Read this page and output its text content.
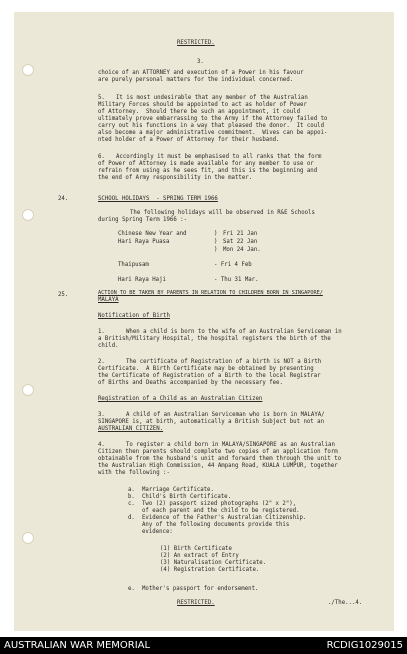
RESTRICTED.
3.
choice of an ATTORNEY and execution of a Power in his favour
are purely personal matters for the individual concerned.
5. It is most undesirable that any member of the Australian
Military Forces should be appointed to act as holder of Power
of Attorney.  Should there be such an appointment, it could
ultimately prove embarrassing to the Army if the Attorney failed to
carry out his functions in a way that pleased the donor.  It could
also become a major administrative commitment.  Wives can be appoi-
nted holder of a Power of Attorney for their husband.
6. Accordingly it must be emphasised to all ranks that the form
of Power of Attorney is made available for any member to use or
refrain from using as he sees fit, and this is the beginning and
the end of Army responsibility in the matter.
24.	SCHOOL HOLIDAYS  - SPRING TERM 1966
The following holidays will be observed in R&E Schools
during Spring Term 1966 :-
Chinese New Year and	) Fri 21 Jan
Hari Raya Puasa	) Sat 22 Jan
) Mon 24 Jan.
Thaipusam	- Fri 4 Feb
Hari Raya Haji	- Thu 31 Mar.
25.	ACTION TO BE TAKEN BY PARENTS IN RELATION TO CHILDREN BORN IN SINGAPORE/
MALAYA
Notification of Birth
1.	When a child is born to the wife of an Australian Serviceman in
a British/Military Hospital, the hospital registers the birth of the
child.
2.	The certificate of Registration of a birth is NOT a Birth
Certificate.  A Birth Certificate may be obtained by presenting
the Certificate of Registration of a Birth to the local Registrar
of Births and Deaths accompanied by the necessary fee.
Registration of a Child as an Australian Citizen
3.	A child of an Australian Serviceman who is born in MALAYA/
SINGAPORE is, at birth, automatically a British Subject but not an
AUSTRALIAN CITIZEN.
4.	To register a child born in MALAYA/SINGAPORE as an Australian
Citizen then parents should complete two copies of an application form
obtainable from the husband's unit and forward them through the unit to
the Australian High Commission, 44 Ampang Road, KUALA LUMPUR, together
with the following :-
a. Marriage Certificate.
b. Child's Birth Certificate.
c. Two (2) passport sized photographs (2" x 2"),
of each parent and the child to be registered.
d. Evidence of the Father's Australian Citizenship.
Any of the following documents provide this
evidence:
(1) Birth Certificate
(2) An extract of Entry
(3) Naturalisation Certificate.
(4) Registration Certificate.
e. Mother's passport for endorsement.
RESTRICTED.	./The...4.
AUSTRALIAN WAR MEMORIAL	RCDIG1029015
